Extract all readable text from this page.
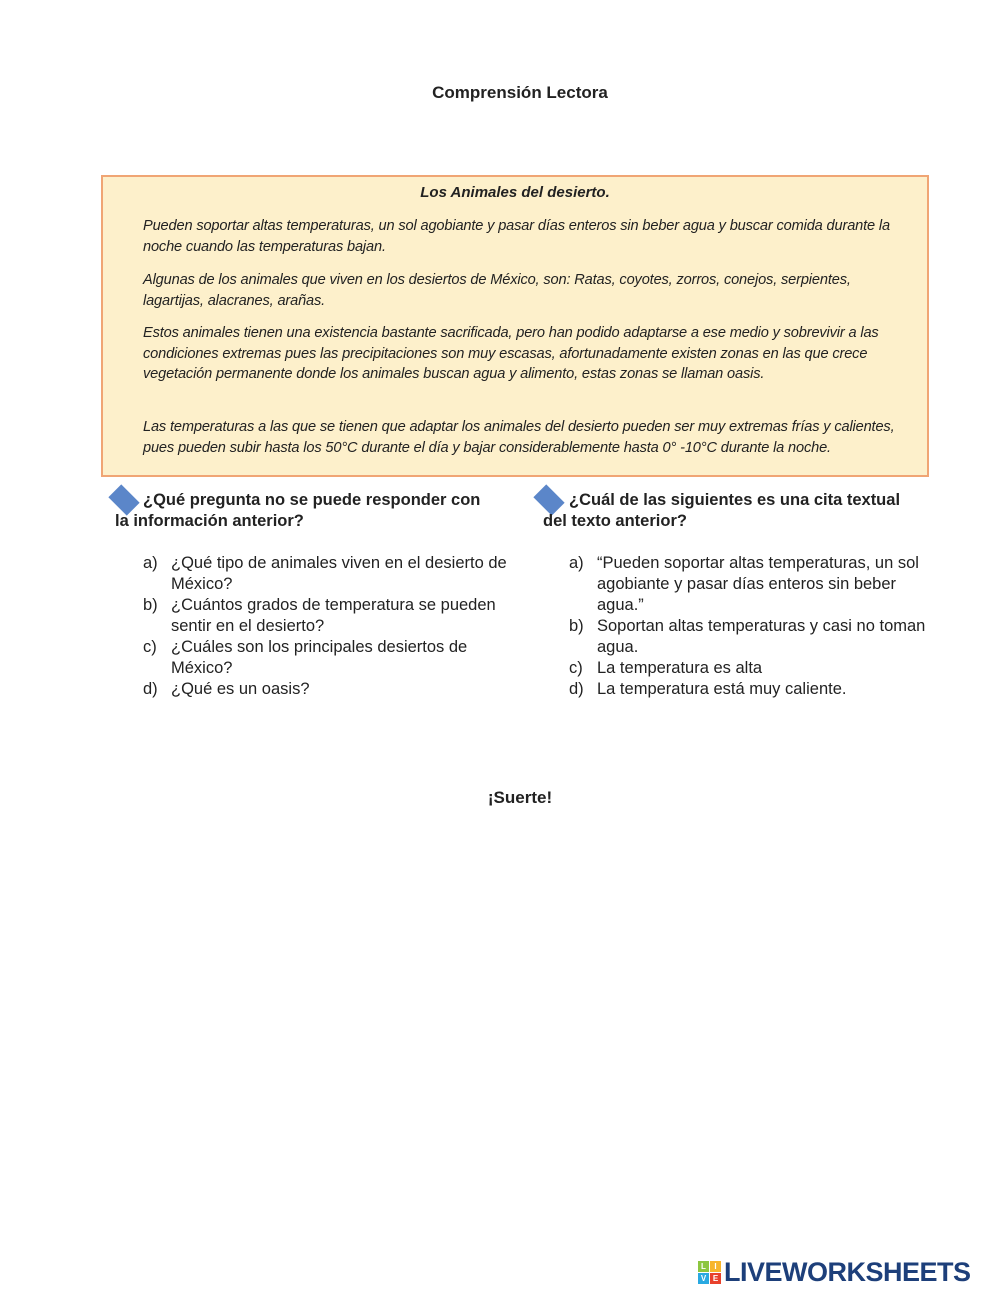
Comprensión Lectora
Los Animales del desierto.

Pueden soportar altas temperaturas, un sol agobiante y pasar días enteros sin beber agua y buscar comida durante la noche cuando las temperaturas bajan.

Algunas de los animales que viven en los desiertos de México, son: Ratas, coyotes, zorros, conejos, serpientes, lagartijas, alacranes, arañas.

Estos animales tienen una existencia bastante sacrificada, pero han podido adaptarse a ese medio y sobrevivir a las condiciones extremas pues las precipitaciones son muy escasas, afortunadamente existen zonas en las que crece vegetación permanente donde los animales buscan agua y alimento, estas zonas se llaman oasis.

Las temperaturas a las que se tienen que adaptar los animales del desierto pueden ser muy extremas frías y calientes, pues pueden subir hasta los 50°C durante el día y bajar considerablemente hasta 0° -10°C durante la noche.

¿Qué pregunta no se puede responder con la información anterior?
a) ¿Qué tipo de animales viven en el desierto de México?
b) ¿Cuántos grados de temperatura se pueden sentir en el desierto?
c) ¿Cuáles son los principales desiertos de México?
d) ¿Qué es un oasis?
¿Cuál de las siguientes es una cita textual del texto anterior?
a) “Pueden soportar altas temperaturas, un sol agobiante y pasar días enteros sin beber agua.”
b) Soportan altas temperaturas y casi no toman agua.
c) La temperatura es alta
d) La temperatura está muy caliente.
¡Suerte!
L	I
V E LIVEWORKSHEETS
